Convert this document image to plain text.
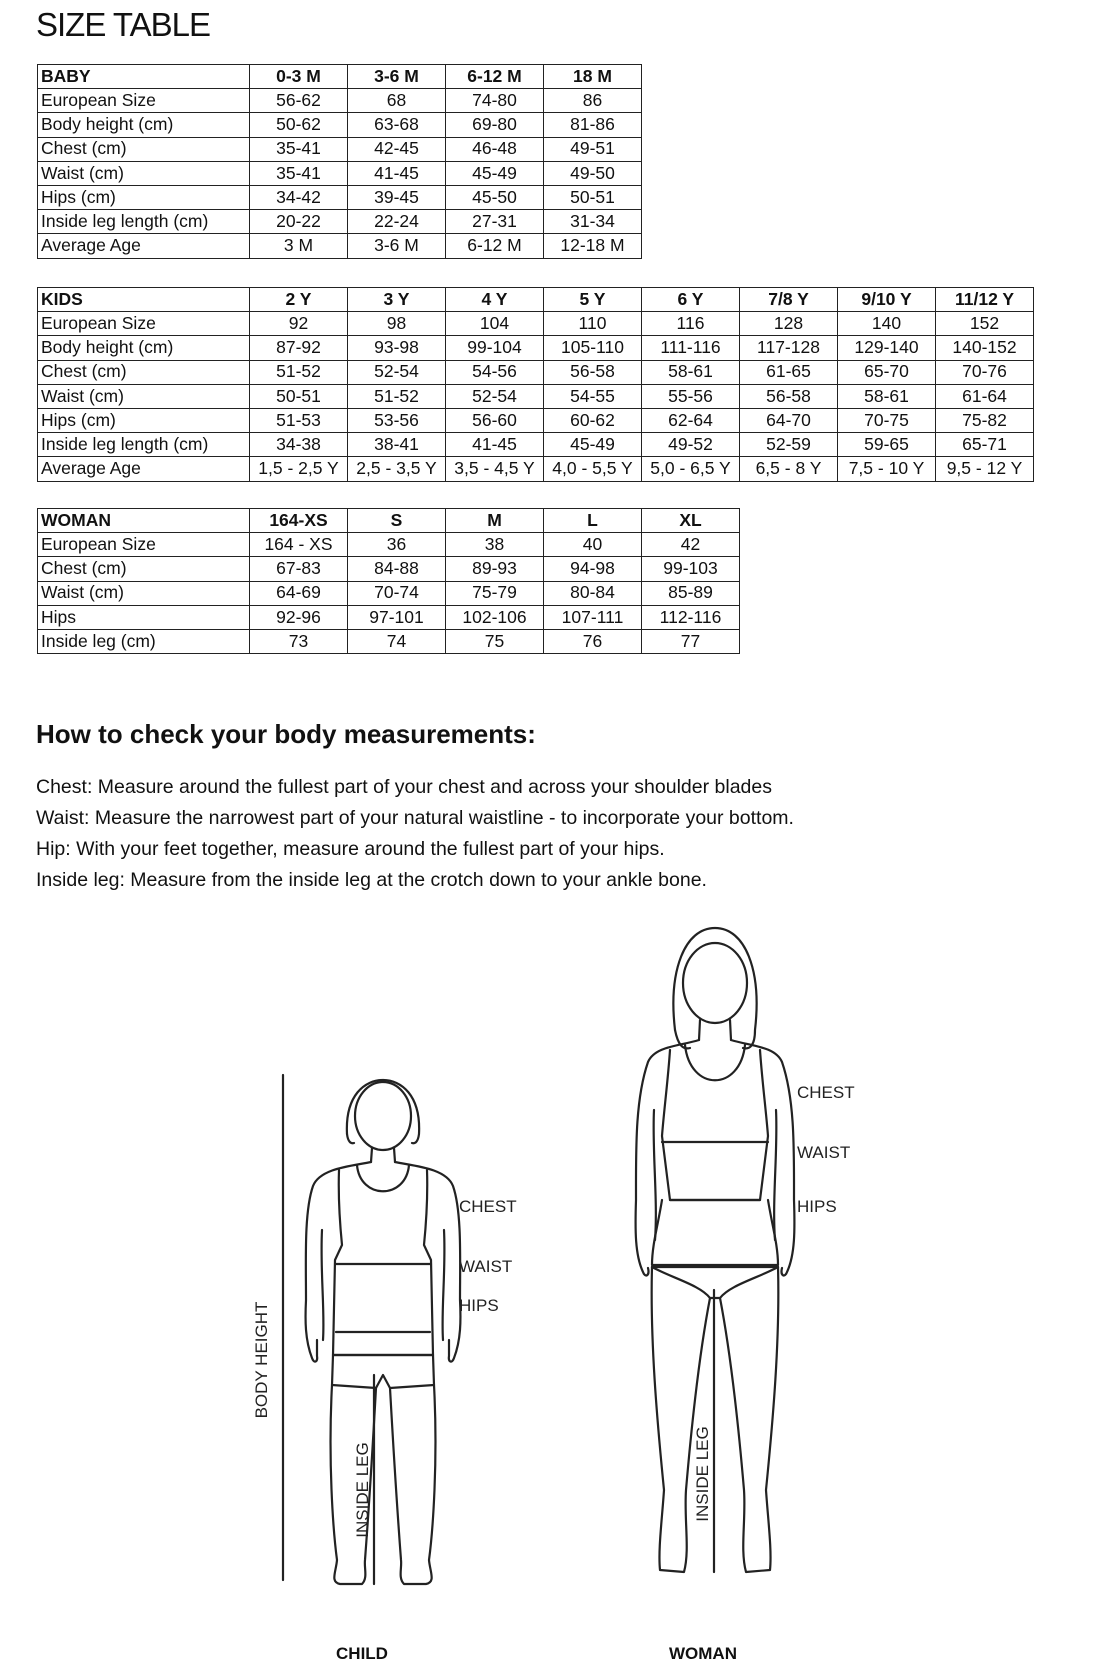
SIZE TABLE
BABY	0-3 M	3-6 M	6-12 M	18 M
European Size	56-62	68	74-80	86
Body height (cm)	50-62	63-68	69-80	81-86
Chest (cm)	35-41	42-45	46-48	49-51
Waist (cm)	35-41	41-45	45-49	49-50
Hips (cm)	34-42	39-45	45-50	50-51
Inside leg length (cm)	20-22	22-24	27-31	31-34
Average Age	3 M	3-6 M	6-12 M	12-18 M
KIDS	2 Y	3 Y	4 Y	5 Y	6 Y	7/8 Y	9/10 Y	11/12 Y
European Size	92	98	104	110	116	128	140	152
Body height (cm)	87-92	93-98	99-104	105-110	111-116	117-128	129-140	140-152
Chest (cm)	51-52	52-54	54-56	56-58	58-61	61-65	65-70	70-76
Waist (cm)	50-51	51-52	52-54	54-55	55-56	56-58	58-61	61-64
Hips (cm)	51-53	53-56	56-60	60-62	62-64	64-70	70-75	75-82
Inside leg length (cm)	34-38	38-41	41-45	45-49	49-52	52-59	59-65	65-71
Average Age	1,5 - 2,5 Y	2,5 - 3,5 Y	3,5 - 4,5 Y	4,0 - 5,5 Y	5,0 - 6,5 Y	6,5 - 8 Y	7,5 - 10 Y	9,5 - 12 Y
WOMAN	164-XS	S	M	L	XL
European Size	164 - XS	36	38	40	42
Chest (cm)	67-83	84-88	89-93	94-98	99-103
Waist (cm)	64-69	70-74	75-79	80-84	85-89
Hips	92-96	97-101	102-106	107-111	112-116
Inside leg (cm)	73	74	75	76	77
How to check your body measurements:
Chest: Measure around the fullest part of your chest and across your shoulder blades
Waist: Measure the narrowest part of your natural waistline - to incorporate your bottom.
Hip: With your feet together, measure around the fullest part of your hips.
Inside leg: Measure from the inside leg at the crotch down to your ankle bone.
CHEST
WAIST
HIPS
BODY HEIGHT
INSIDE LEG
CHILD
CHEST
WAIST
HIPS
INSIDE LEG
WOMAN
